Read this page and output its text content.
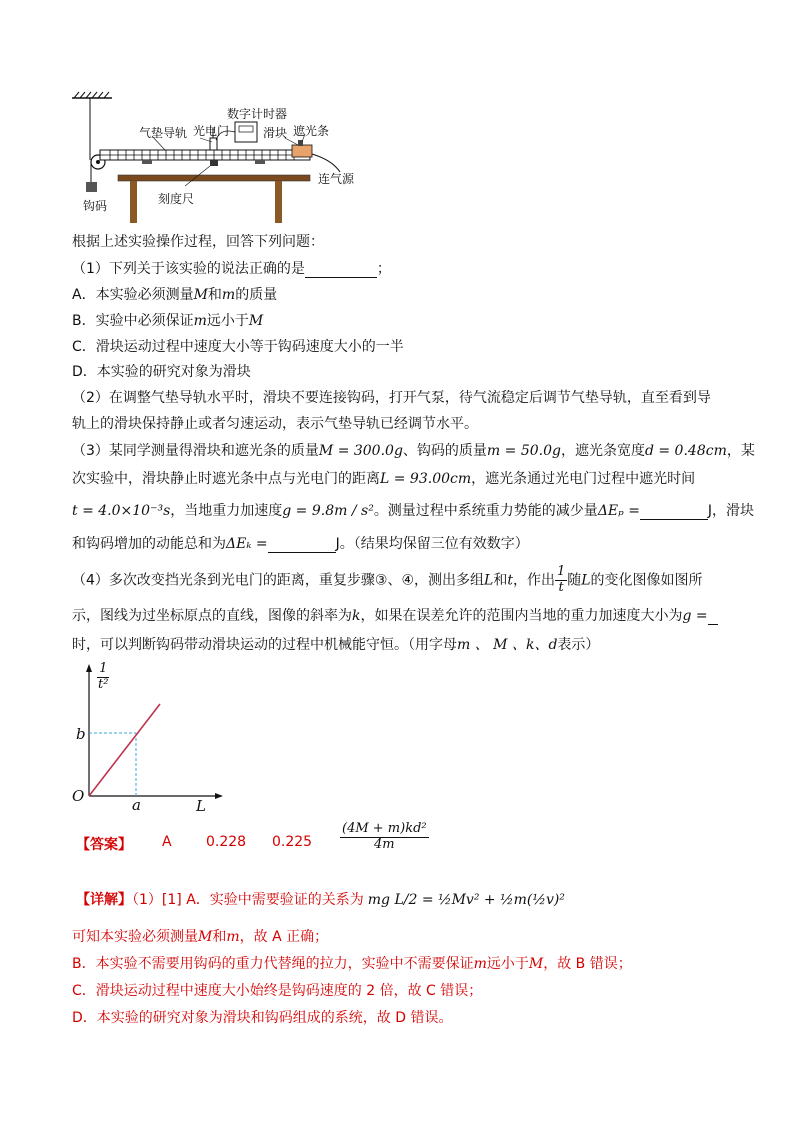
数字计时器
光电门
气垫导轨	滑块 遮光条
连气源
刻度尺
钩码
根据上述实验操作过程，回答下列问题：
（1）下列关于该实验的说法正确的是	；
A．本实验必须测量M和m的质量
B．实验中必须保证m远小于M
C．滑块运动过程中速度大小等于钩码速度大小的一半
D．本实验的研究对象为滑块
（2）在调整气垫导轨水平时，滑块不要连接钩码，打开气泵，待气流稳定后调节气垫导轨，直至看到导
轨上的滑块保持静止或者匀速运动，表示气垫导轨已经调节水平。
（3）某同学测量得滑块和遮光条的质量M = 300.0g、钩码的质量m = 50.0g，遮光条宽度d = 0.48cm，某
次实验中，滑块静止时遮光条中点与光电门的距离L = 93.00cm，遮光条通过光电门过程中遮光时间
t = 4.0×10⁻³s，当地重力加速度g = 9.8m / s²。测量过程中系统重力势能的减少量ΔEₚ =	J，滑块
和钩码增加的动能总和为ΔEₖ =	J。（结果均保留三位有效数字）
（4）多次改变挡光条到光电门的距离，重复步骤③、④，测出多组L和t，作出 $\frac{1}{t}$ 随L的变化图像如图所
示，图线为过坐标原点的直线，图像的斜率为k，如果在误差允许的范围内当地的重力加速度大小为g =
时，可以判断钩码带动滑块运动的过程中机械能守恒。（用字母m 、 M 、k、d表示）
$\frac{1}{\text{t²}}$
b
a
O
L
【答案】 A 0.228 $0.225 \frac{\text{(4M + m)kd²}}{4m}$
【详解】（1）[1] A．实验中需要验证的关系为 mg L/2 = ½Mv² + ½m(½v)²
可知本实验必须测量M和m，故 A 正确；
B．本实验不需要用钩码的重力代替绳的拉力，实验中不需要保证m远小于M，故 B 错误；
C．滑块运动过程中速度大小始终是钩码速度的 2 倍，故 C 错误；
D．本实验的研究对象为滑块和钩码组成的系统，故 D 错误。
